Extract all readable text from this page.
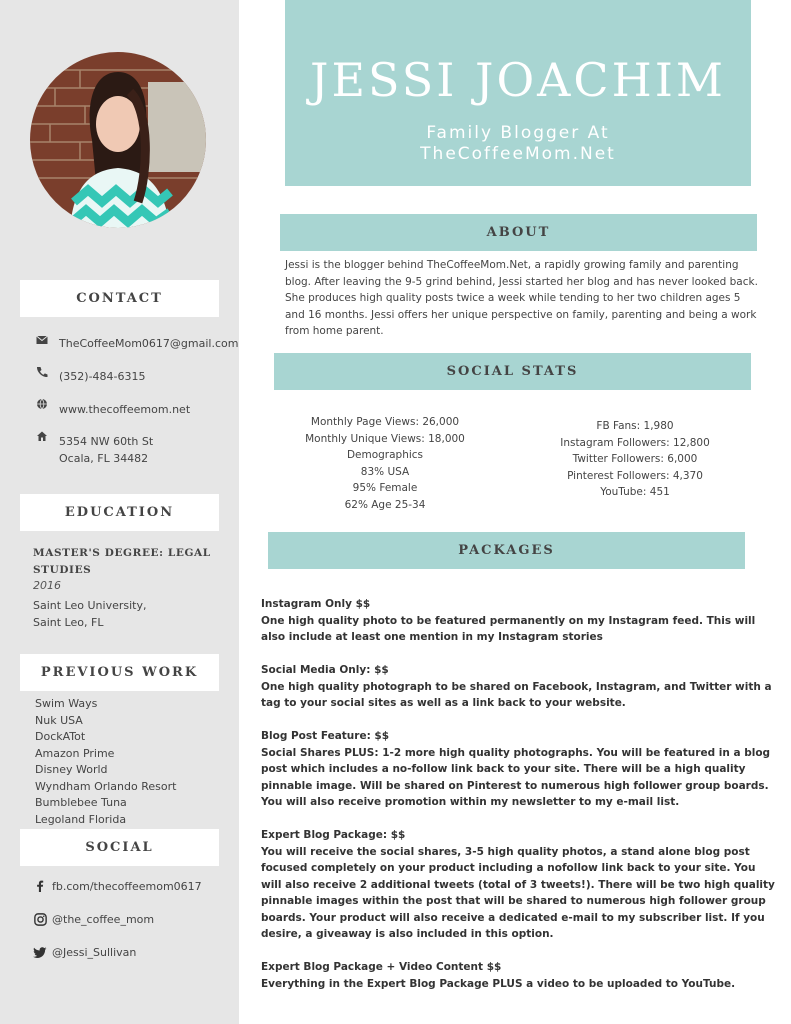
CONTACT
TheCoffeeMom0617@gmail.com
(352)-484-6315
www.thecoffeemom.net
5354 NW 60th St
Ocala, FL 34482
EDUCATION
MASTER'S DEGREE: LEGAL STUDIES
2016
Saint Leo University,
Saint Leo, FL
PREVIOUS WORK
Swim Ways
Nuk USA
DockATot
Amazon Prime
Disney World
Wyndham Orlando Resort
Bumblebee Tuna
Legoland Florida
SOCIAL
fb.com/thecoffeemom0617
@the_coffee_mom
@Jessi_Sullivan
JESSI JOACHIM
Family Blogger At
TheCoffeeMom.Net
ABOUT
Jessi is the blogger behind TheCoffeeMom.Net, a rapidly growing family and parenting blog. After leaving the 9-5 grind behind, Jessi started her blog and has never looked back. She produces high quality posts twice a week while tending to her two children ages 5 and 16 months. Jessi offers her unique perspective on family, parenting and being a work from home parent.
SOCIAL STATS
Monthly Page Views: 26,000
Monthly Unique Views: 18,000
Demographics
83% USA
95% Female
62% Age 25-34
FB Fans: 1,980
Instagram Followers: 12,800
Twitter Followers: 6,000
Pinterest Followers: 4,370
YouTube: 451
PACKAGES
Instagram Only $$
One high quality photo to be featured permanently on my Instagram feed. This will also include at least one mention in my Instagram stories
Social Media Only: $$
One high quality photograph to be shared on Facebook, Instagram, and Twitter with a tag to your social sites as well as a link back to your website.
Blog Post Feature: $$
Social Shares PLUS: 1-2 more high quality photographs. You will be featured in a blog post which includes a no-follow link back to your site. There will be a high quality pinnable image. Will be shared on Pinterest to numerous high follower group boards. You will also receive promotion within my newsletter to my e-mail list.
Expert Blog Package: $$
You will receive the social shares, 3-5 high quality photos, a stand alone blog post focused completely on your product including a nofollow link back to your site. You will also receive 2 additional tweets (total of 3 tweets!). There will be two high quality pinnable images within the post that will be shared to numerous high follower group boards. Your product will also receive a dedicated e-mail to my subscriber list. If you desire, a giveaway is also included in this option.
Expert Blog Package + Video Content $$
Everything in the Expert Blog Package PLUS a video to be uploaded to YouTube.
